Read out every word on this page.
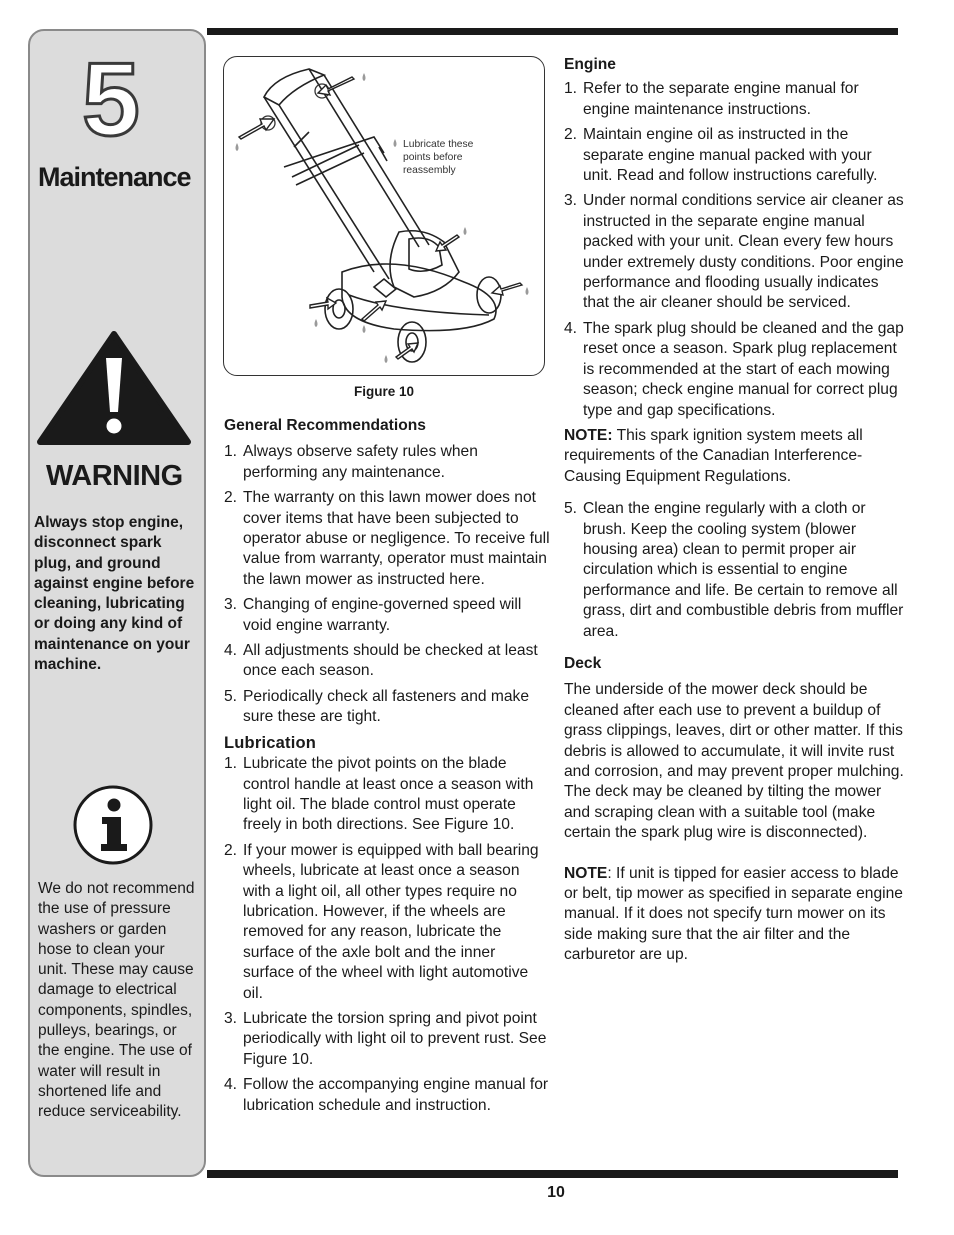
5
Maintenance
WARNING
Always stop engine, disconnect spark plug, and ground against engine before cleaning, lubricating or doing any kind of maintenance on your machine.
We do not recommend the use of pressure washers or garden hose to clean your unit. These may cause damage to electrical components, spindles, pulleys, bearings, or the engine. The use of water will result in shortened life and reduce serviceability.
Lubricate these points before reassembly
Figure 10
General Recommendations
1. Always observe safety rules when performing any maintenance.
2. The warranty on this lawn mower does not cover items that have been subjected to operator abuse or negligence. To receive full value from warranty, operator must maintain the lawn mower as instructed here.
3. Changing of engine-governed speed will void engine warranty.
4. All adjustments should be checked at least once each season.
5. Periodically check all fasteners and make sure these are tight.
Lubrication
1. Lubricate the pivot points on the blade control handle at least once a season with light oil. The blade control must operate freely in both directions. See Figure 10.
2. If your mower is equipped with ball bearing wheels, lubricate at least once a season with a light oil, all other types require no lubrication. However, if the wheels are removed for any reason, lubricate the surface of the axle bolt and the inner surface of the wheel with light automotive oil.
3. Lubricate the torsion spring and pivot point periodically with light oil to prevent rust. See Figure 10.
4. Follow the accompanying engine manual for lubrication schedule and instruction.
Engine
1. Refer to the separate engine manual for engine maintenance instructions.
2. Maintain engine oil as instructed in the separate engine manual packed with your unit. Read and follow instructions carefully.
3. Under normal conditions service air cleaner as instructed in the separate engine manual packed with your unit. Clean every few hours under extremely dusty conditions. Poor engine performance and flooding usually indicates that the air cleaner should be serviced.
4. The spark plug should be cleaned and the gap reset once a season. Spark plug replacement is recommended at the start of each mowing season; check engine manual for correct plug type and gap specifications.

NOTE: This spark ignition system meets all requirements of the Canadian Interference-Causing Equipment Regulations.

5. Clean the engine regularly with a cloth or brush. Keep the cooling system (blower housing area) clean to permit proper air circulation which is essential to engine performance and life. Be certain to remove all grass, dirt and combustible debris from muffler area.
Deck

The underside of the mower deck should be cleaned after each use to prevent a buildup of grass clippings, leaves, dirt or other matter. If this debris is allowed to accumulate, it will invite rust and corrosion, and may prevent proper mulching. The deck may be cleaned by tilting the mower and scraping clean with a suitable tool (make certain the spark plug wire is disconnected).

NOTE: If unit is tipped for easier access to blade or belt, tip mower as specified in separate engine manual. If it does not specify turn mower on its side making sure that the air filter and the carburetor are up.

10
